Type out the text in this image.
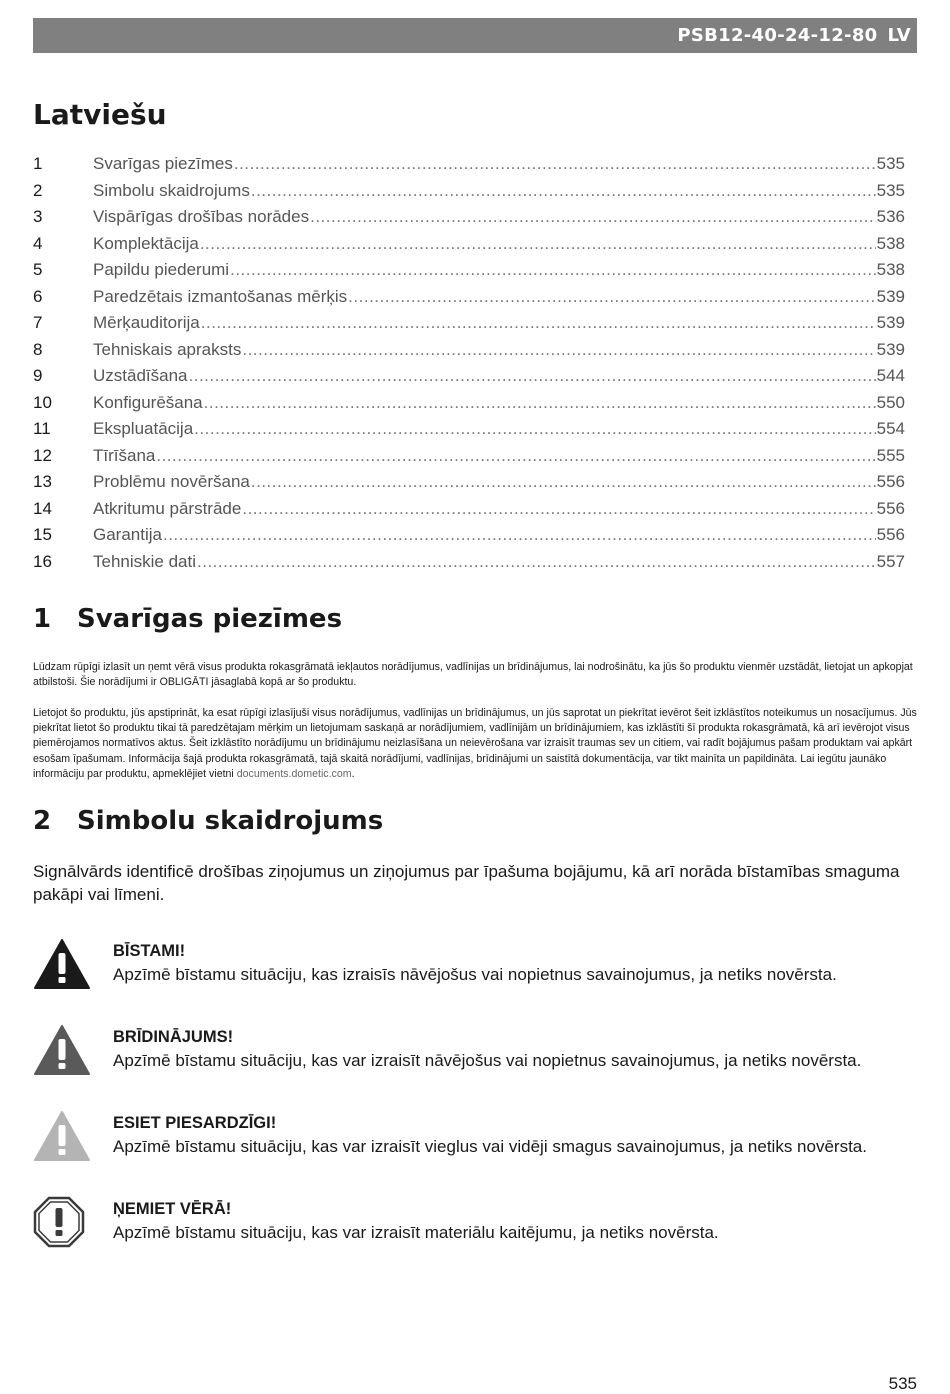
PSB12-40-24-12-80 LV
Latviešu
1	Svarīgas piezīmes .....	535
2	Simbolu skaidrojums .....	535
3	Vispārīgas drošības norādes .....	536
4	Komplektācija .....	538
5	Papildu piederumi .....	538
6	Paredzētais izmantošanas mērķis .....	539
7	Mērķauditorija .....	539
8	Tehniskais apraksts .....	539
9	Uzstādīšana .....	544
10	Konfigurēšana .....	550
11	Ekspluatācija .....	554
12	Tīrīšana .....	555
13	Problēmu novēršana .....	556
14	Atkritumu pārstrāde .....	556
15	Garantija .....	556
16	Tehniskie dati .....	557
1 Svarīgas piezīmes

Lūdzam rūpīgi izlasīt un ņemt vērā visus produkta rokasgrāmatā iekļautos norādījumus, vadlīnijas un brīdinājumus, lai nodrošinātu, ka jūs šo produktu vienmēr uzstādāt, lietojat un apkopjat atbilstoši. Šie norādījumi ir OBLIGĀTI jāsaglabā kopā ar šo produktu.

Lietojot šo produktu, jūs apstiprināt, ka esat rūpīgi izlasījuši visus norādījumus, vadlīnijas un brīdinājumus, un jūs saprotat un piekrītat ievērot šeit izklāstītos noteikumus un nosacījumus. Jūs piekrītat lietot šo produktu tikai tā paredzētajam mērķim un lietojumam saskaņā ar norādījumiem, vadlīnijām un brīdinājumiem, kas izklāstīti šī produkta rokasgrāmatā, kā arī ievērojot visus piemērojamos normatīvos aktus. Šeit izklāstīto norādījumu un brīdinājumu neizlasīšana un neievērošana var izraisīt traumas sev un citiem, vai radīt bojājumus pašam produktam vai apkārt esošam īpašumam. Informācija šajā produkta rokasgrāmatā, tajā skaitā norādījumi, vadlīnijas, brīdinājumi un saistītā dokumentācija, var tikt mainīta un papildināta. Lai iegūtu jaunāko informāciju par produktu, apmeklējiet vietni documents.dometic.com.

2 Simbolu skaidrojums

Signālvārds identificē drošības ziņojumus un ziņojumus par īpašuma bojājumu, kā arī norāda bīstamības smaguma pakāpi vai līmeni.

BĪSTAMI!
Apzīmē bīstamu situāciju, kas izraisīs nāvējošus vai nopietnus savainojumus, ja netiks novērsta.
BRĪDINĀJUMS!
Apzīmē bīstamu situāciju, kas var izraisīt nāvējošus vai nopietnus savainojumus, ja netiks novērsta.
ESIET PIESARDZĪGI!
Apzīmē bīstamu situāciju, kas var izraisīt vieglus vai vidēji smagus savainojumus, ja netiks novērsta.
ŅEMIET VĒRĀ!
Apzīmē bīstamu situāciju, kas var izraisīt materiālu kaitējumu, ja netiks novērsta.
535
